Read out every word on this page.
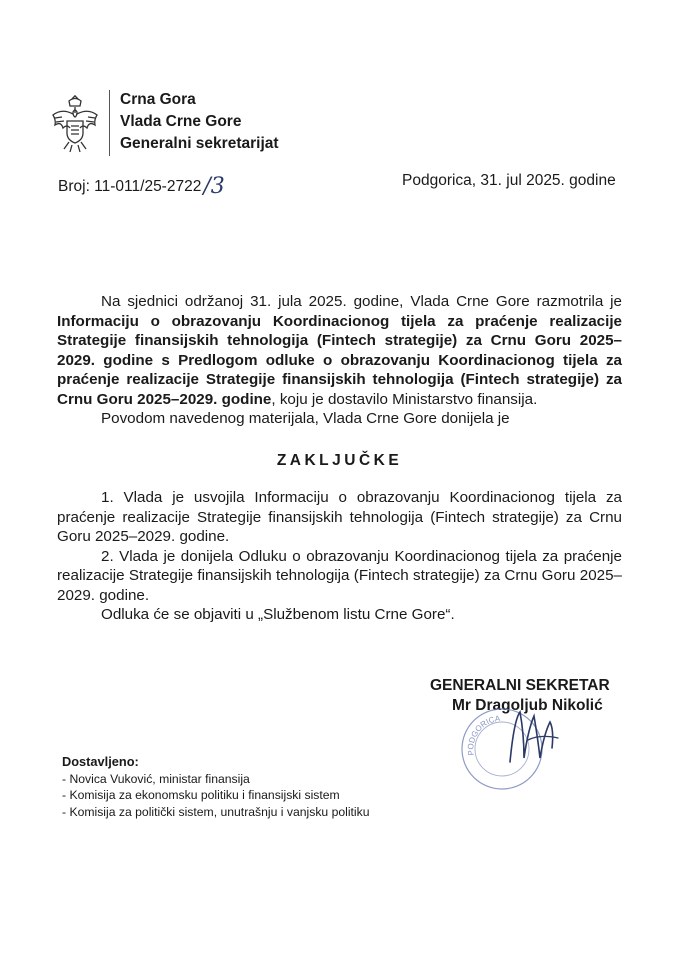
Crna Gora
Vlada Crne Gore
Generalni sekretarijat
Broj: 11-011/25-2722/3	Podgorica, 31. jul 2025. godine

Na sjednici održanoj 31. jula 2025. godine, Vlada Crne Gore razmotrila je Informaciju o obrazovanju Koordinacionog tijela za praćenje realizacije Strategije finansijskih tehnologija (Fintech strategije) za Crnu Goru 2025–2029. godine s Predlogom odluke o obrazovanju Koordinacionog tijela za praćenje realizacije Strategije finansijskih tehnologija (Fintech strategije) za Crnu Goru 2025–2029. godine, koju je dostavilo Ministarstvo finansija.

Povodom navedenog materijala, Vlada Crne Gore donijela je

ZAKLJUČKE

1. Vlada je usvojila Informaciju o obrazovanju Koordinacionog tijela za praćenje realizacije Strategije finansijskih tehnologija (Fintech strategije) za Crnu Goru 2025–2029. godine.

2. Vlada je donijela Odluku o obrazovanju Koordinacionog tijela za praćenje realizacije Strategije finansijskih tehnologija (Fintech strategije) za Crnu Goru 2025–2029. godine.

Odluka će se objaviti u „Službenom listu Crne Gore“.

GENERALNI SEKRETAR
Mr Dragoljub Nikolić
PODGORICA
Dostavljeno:
- Novica Vuković, ministar finansija
- Komisija za ekonomsku politiku i finansijski sistem
- Komisija za politički sistem, unutrašnju i vanjsku politiku
